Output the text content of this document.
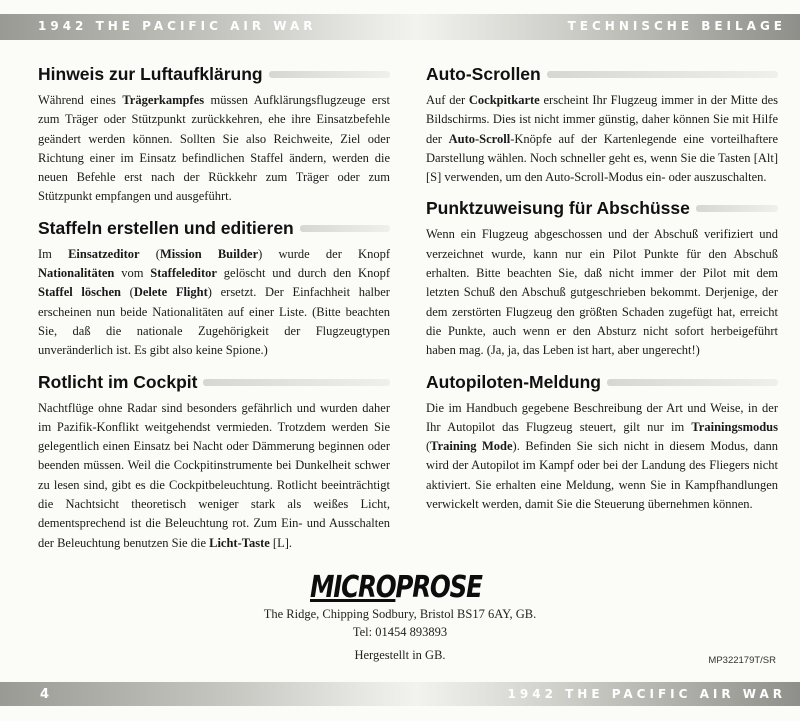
1942 THE PACIFIC AIR WAR	TECHNISCHE BEILAGE
Hinweis zur Luftaufklärung

Während eines Trägerkampfes müssen Aufklärungsflugzeuge erst zum Träger oder Stützpunkt zurückkehren, ehe ihre Einsatzbefehle geändert werden können. Sollten Sie also Reichweite, Ziel oder Richtung einer im Einsatz befindlichen Staffel ändern, werden die neuen Befehle erst nach der Rückkehr zum Träger oder zum Stützpunkt empfangen und ausgeführt.

Staffeln erstellen und editieren

Im Einsatzeditor (Mission Builder) wurde der Knopf Nationalitäten vom Staffeleditor gelöscht und durch den Knopf Staffel löschen (Delete Flight) ersetzt. Der Einfachheit halber erscheinen nun beide Nationalitäten auf einer Liste. (Bitte beachten Sie, daß die nationale Zugehörigkeit der Flugzeugtypen unveränderlich ist. Es gibt also keine Spione.)

Rotlicht im Cockpit

Nachtflüge ohne Radar sind besonders gefährlich und wurden daher im Pazifik-Konflikt weitgehendst vermieden. Trotzdem werden Sie gelegentlich einen Einsatz bei Nacht oder Dämmerung beginnen oder beenden müssen. Weil die Cockpitinstrumente bei Dunkelheit schwer zu lesen sind, gibt es die Cockpitbeleuchtung. Rotlicht beeinträchtigt die Nachtsicht theoretisch weniger stark als weißes Licht, dementsprechend ist die Beleuchtung rot. Zum Ein- und Ausschalten der Beleuchtung benutzen Sie die Licht-Taste [L].

Auto-Scrollen

Auf der Cockpitkarte erscheint Ihr Flugzeug immer in der Mitte des Bildschirms. Dies ist nicht immer günstig, daher können Sie mit Hilfe der Auto-Scroll-Knöpfe auf der Kartenlegende eine vorteilhaftere Darstellung wählen. Noch schneller geht es, wenn Sie die Tasten [Alt] [S] verwenden, um den Auto-Scroll-Modus ein- oder auszuschalten.

Punktzuweisung für Abschüsse

Wenn ein Flugzeug abgeschossen und der Abschuß verifiziert und verzeichnet wurde, kann nur ein Pilot Punkte für den Abschuß erhalten. Bitte beachten Sie, daß nicht immer der Pilot mit dem letzten Schuß den Abschuß gutgeschrieben bekommt. Derjenige, der dem zerstörten Flugzeug den größten Schaden zugefügt hat, erreicht die Punkte, auch wenn er den Absturz nicht sofort herbeigeführt haben mag. (Ja, ja, das Leben ist hart, aber ungerecht!)

Autopiloten-Meldung

Die im Handbuch gegebene Beschreibung der Art und Weise, in der Ihr Autopilot das Flugzeug steuert, gilt nur im Trainingsmodus (Training Mode). Befinden Sie sich nicht in diesem Modus, dann wird der Autopilot im Kampf oder bei der Landung des Fliegers nicht aktiviert. Sie erhalten eine Meldung, wenn Sie in Kampfhandlungen verwickelt werden, damit Sie die Steuerung übernehmen können.

MICROPROSE
The Ridge, Chipping Sodbury, Bristol BS17 6AY, GB.
Tel: 01454 893893
Hergestellt in GB.	MP322179T/SR
4	1942 THE PACIFIC AIR WAR
